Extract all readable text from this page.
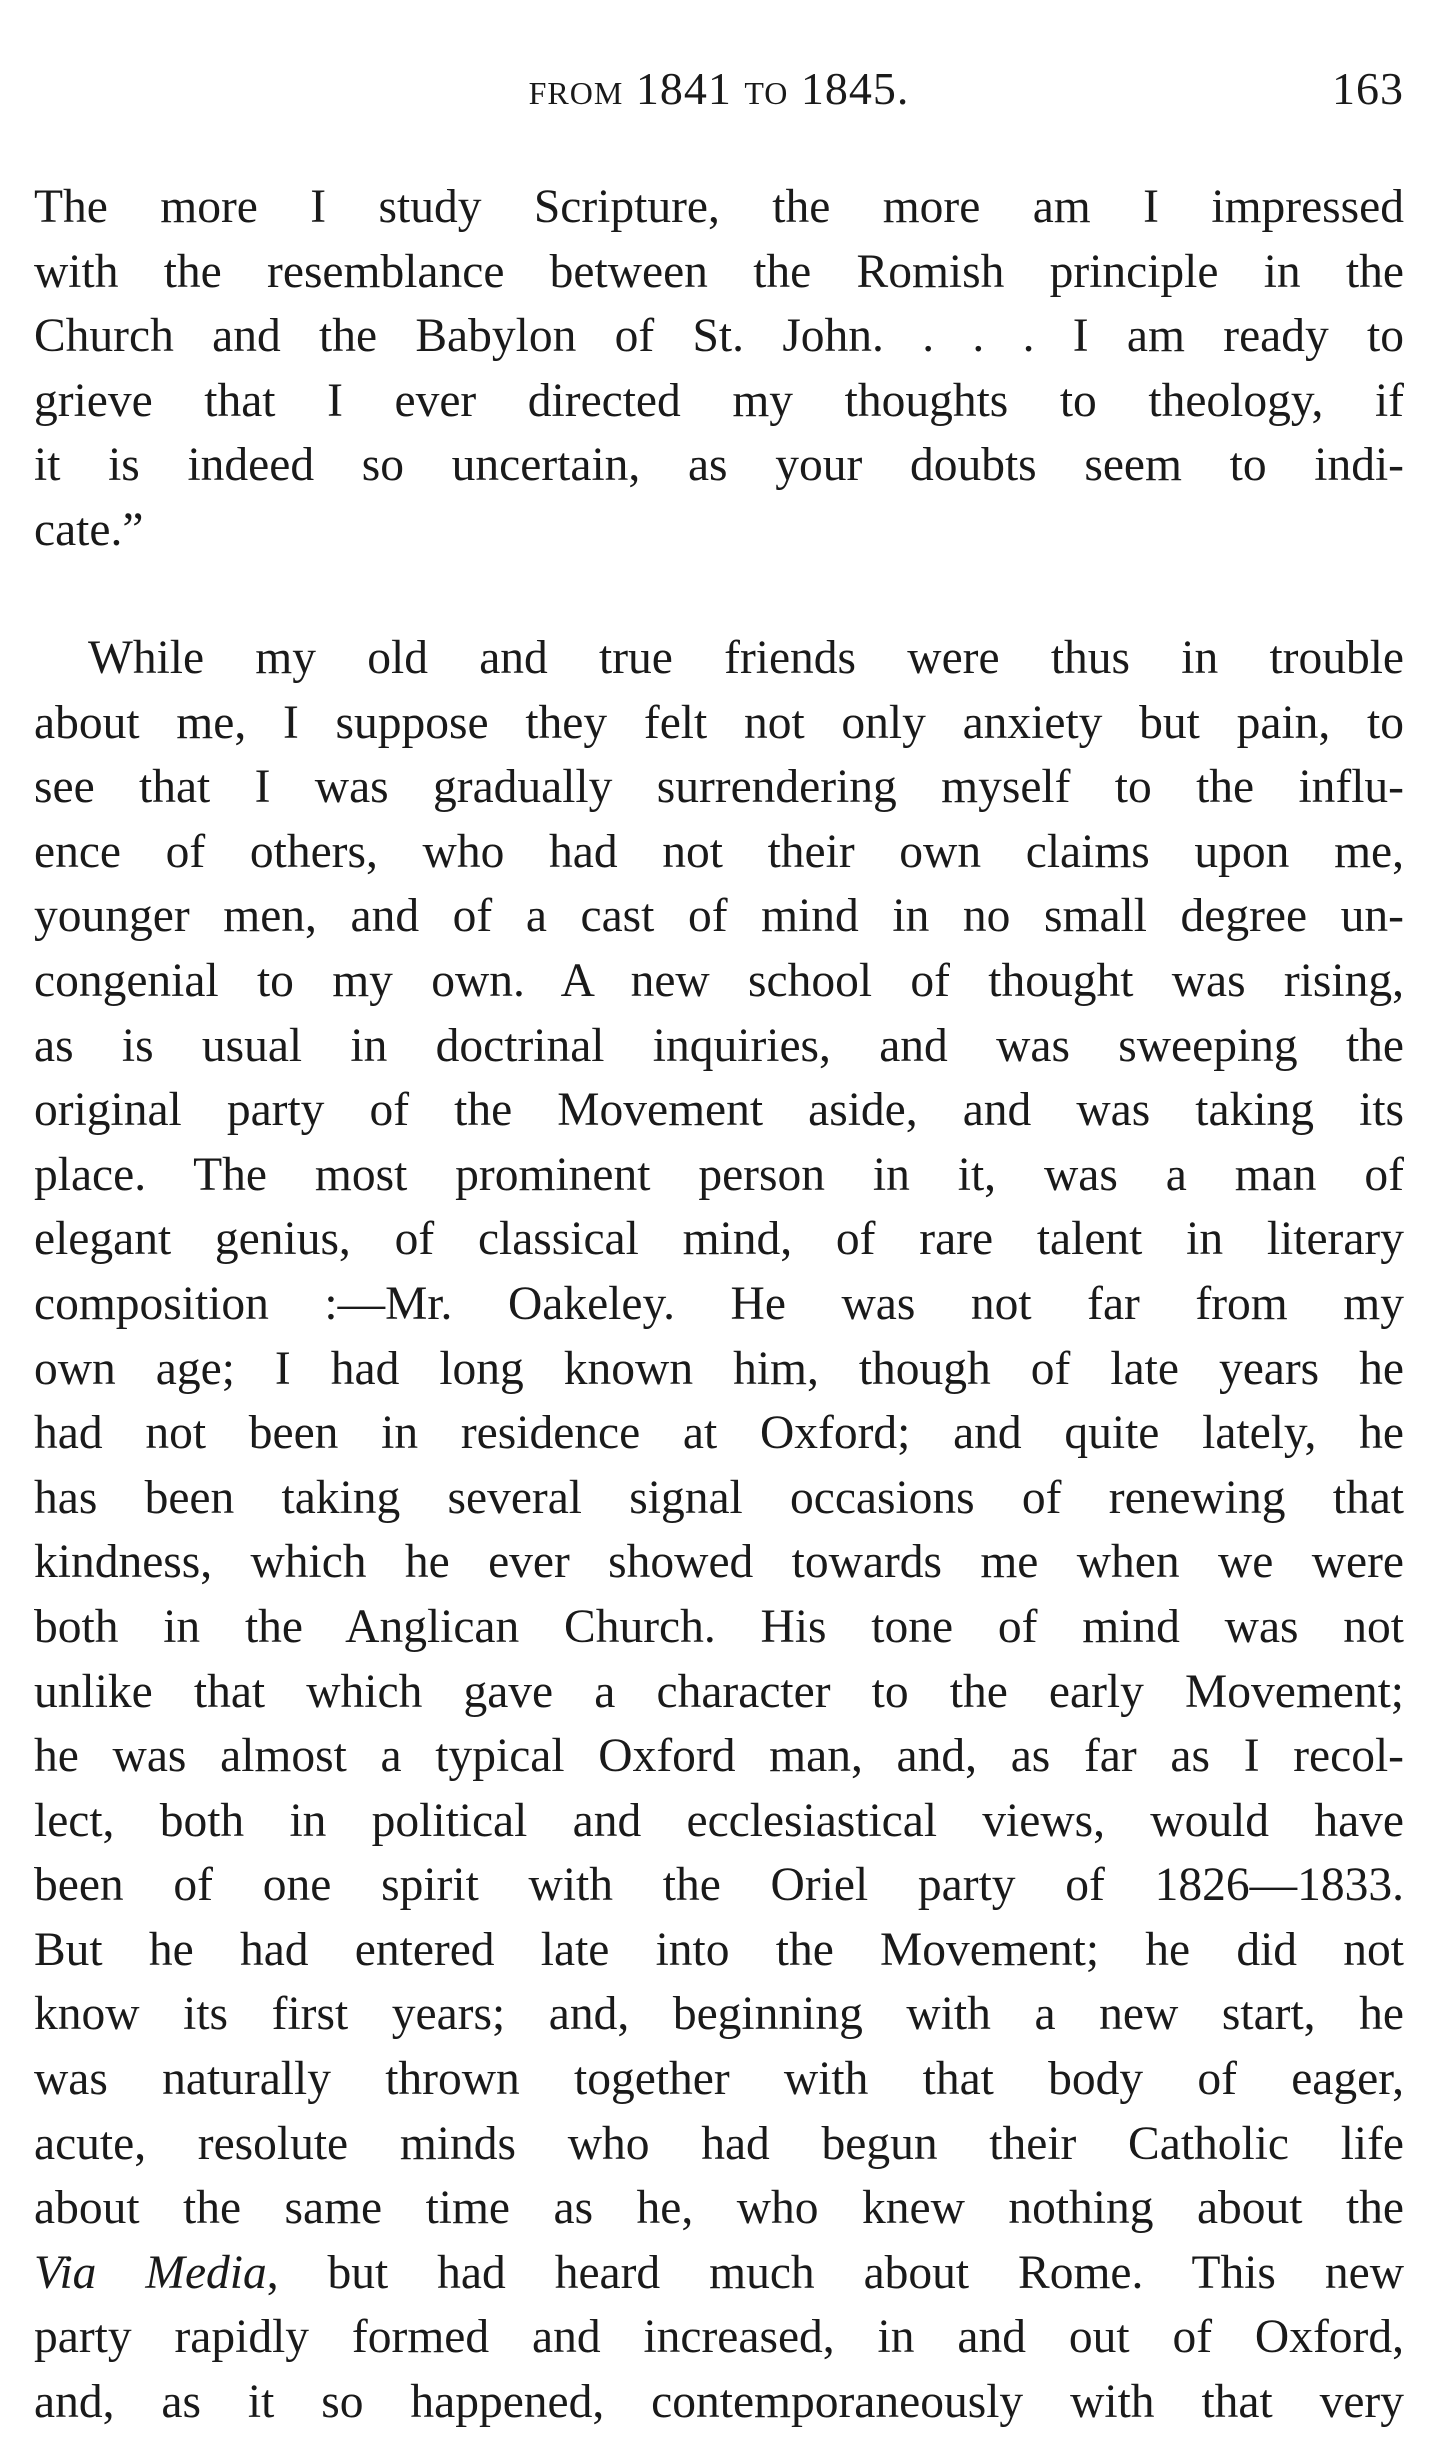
from 1841 to 1845.	163
The more I study Scripture, the more am I impressed
with the resemblance between the Romish principle in the
Church and the Babylon of St. John. . . . I am ready to
grieve that I ever directed my thoughts to theology, if
it is indeed so uncertain, as your doubts seem to indi-
cate.”
While my old and true friends were thus in trouble
about me, I suppose they felt not only anxiety but pain, to
see that I was gradually surrendering myself to the influ-
ence of others, who had not their own claims upon me,
younger men, and of a cast of mind in no small degree un-
congenial to my own. A new school of thought was rising,
as is usual in doctrinal inquiries, and was sweeping the
original party of the Movement aside, and was taking its
place. The most prominent person in it, was a man of
elegant genius, of classical mind, of rare talent in literary
composition :—Mr. Oakeley. He was not far from my
own age; I had long known him, though of late years he
had not been in residence at Oxford; and quite lately, he
has been taking several signal occasions of renewing that
kindness, which he ever showed towards me when we were
both in the Anglican Church. His tone of mind was not
unlike that which gave a character to the early Movement;
he was almost a typical Oxford man, and, as far as I recol-
lect, both in political and ecclesiastical views, would have
been of one spirit with the Oriel party of 1826—1833.
But he had entered late into the Movement; he did not
know its first years; and, beginning with a new start, he
was naturally thrown together with that body of eager,
acute, resolute minds who had begun their Catholic life
about the same time as he, who knew nothing about the
Via Media, but had heard much about Rome. This new
party rapidly formed and increased, in and out of Oxford,
and, as it so happened, contemporaneously with that very
